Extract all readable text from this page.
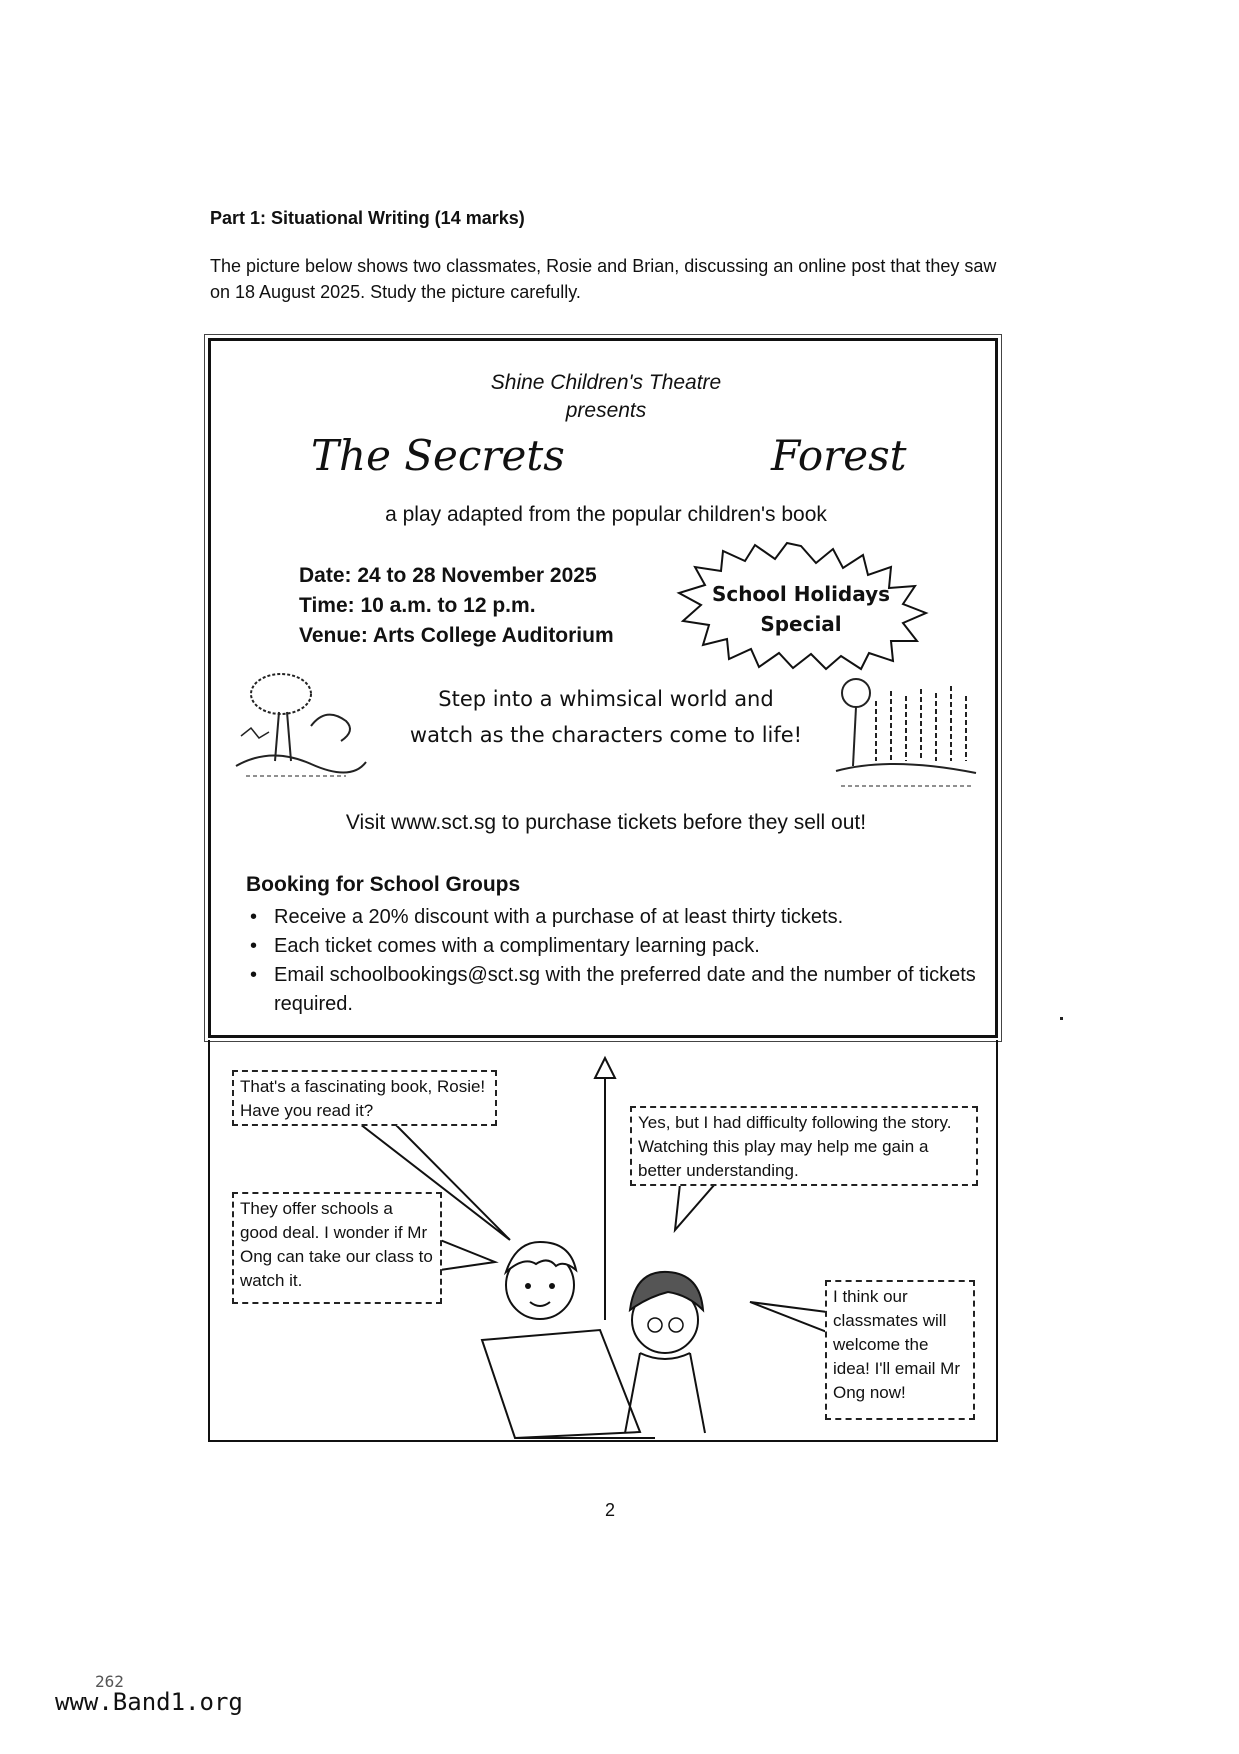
Part 1: Situational Writing (14 marks)
The picture below shows two classmates, Rosie and Brian, discussing an online post that they saw on 18 August 2025. Study the picture carefully.
Shine Children's Theatre
presents
The Secrets	Forest
a play adapted from the popular children's book
Date: 24 to 28 November 2025
Time: 10 a.m. to 12 p.m.
Venue: Arts College Auditorium
School Holidays
Special
Step into a whimsical world and
watch as the characters come to life!
Visit www.sct.sg to purchase tickets before they sell out!
Booking for School Groups
• Receive a 20% discount with a purchase of at least thirty tickets.
• Each ticket comes with a complimentary learning pack.
• Email schoolbookings@sct.sg with the preferred date and the number of tickets required.
That's a fascinating book, Rosie! Have you read it?
They offer schools a good deal. I wonder if Mr Ong can take our class to watch it.
Yes, but I had difficulty following the story. Watching this play may help me gain a better understanding.
I think our classmates will welcome the idea! I'll email Mr Ong now!
2
262
www.Band1.org
